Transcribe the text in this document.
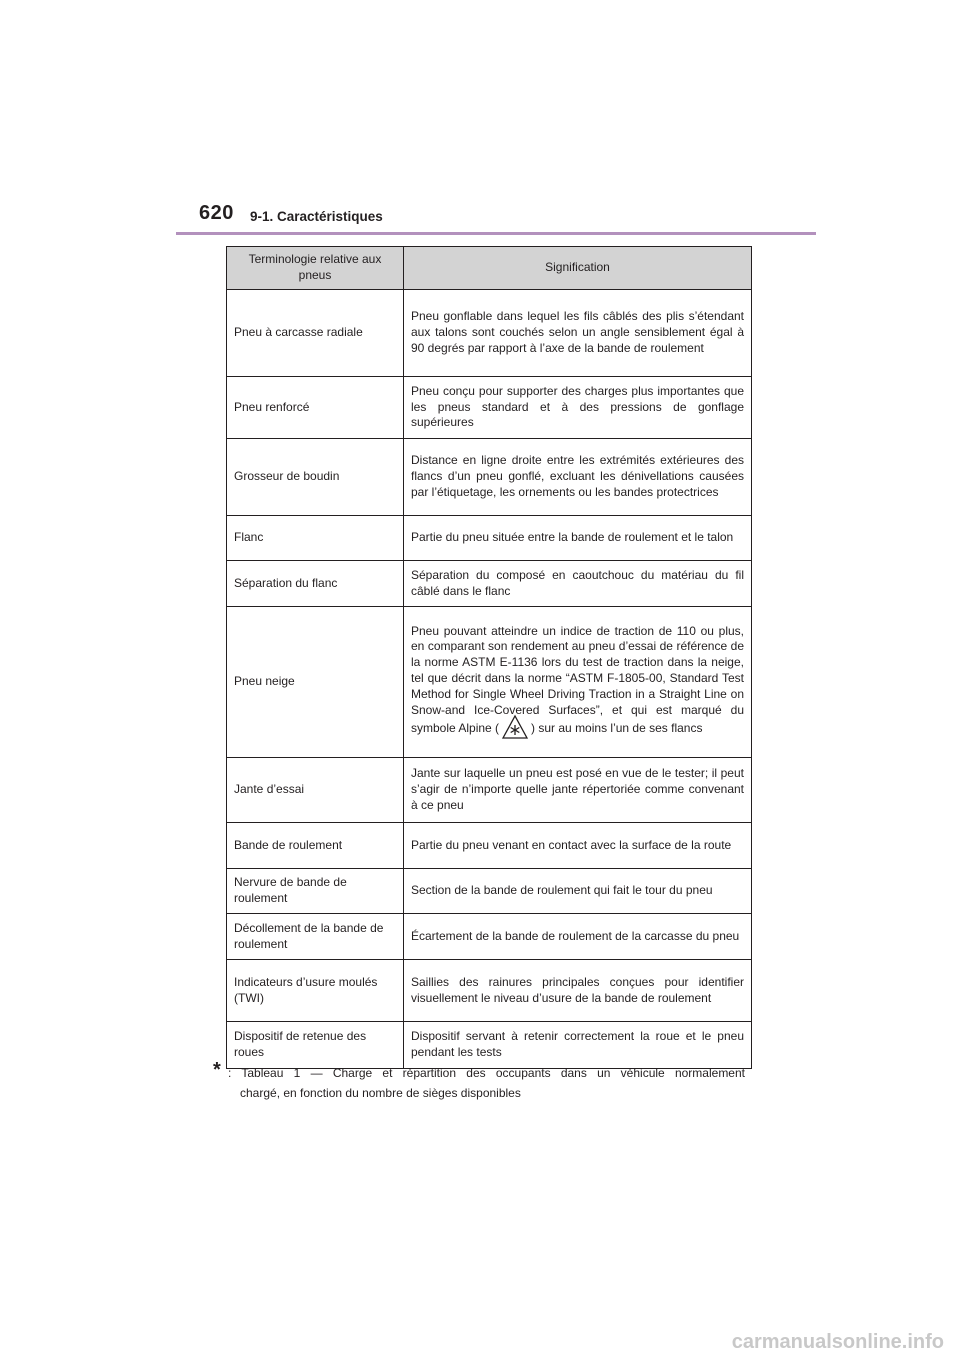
620 9-1. Caractéristiques
Terminologie relative aux pneus	Signification
Pneu à carcasse radiale	Pneu gonflable dans lequel les fils câblés des plis s’étendant aux talons sont couchés selon un angle sensiblement égal à 90 degrés par rapport à l’axe de la bande de roulement
Pneu renforcé	Pneu conçu pour supporter des charges plus importantes que les pneus standard et à des pressions de gonflage supérieures
Grosseur de boudin	Distance en ligne droite entre les extrémités extérieures des flancs d’un pneu gonflé, excluant les dénivellations causées par l’étiquetage, les ornements ou les bandes protectrices
Flanc	Partie du pneu située entre la bande de roulement et le talon
Séparation du flanc	Séparation du composé en caoutchouc du matériau du fil câblé dans le flanc
Pneu neige	Pneu pouvant atteindre un indice de traction de 110 ou plus, en comparant son rendement au pneu d’essai de référence de la norme ASTM E-1136 lors du test de traction dans la neige, tel que décrit dans la norme “ASTM F-1805-00, Standard Test Method for Single Wheel Driving Traction in a Straight Line on Snow-and Ice-Covered Surfaces”, et qui est marqué du symbole Alpine ( ) sur au moins l’un de ses flancs
Jante d’essai	Jante sur laquelle un pneu est posé en vue de le tester; il peut s’agir de n’importe quelle jante répertoriée comme convenant à ce pneu
Bande de roulement	Partie du pneu venant en contact avec la surface de la route
Nervure de bande de roulement	Section de la bande de roulement qui fait le tour du pneu
Décollement de la bande de roulement	Écartement de la bande de roulement de la carcasse du pneu
Indicateurs d’usure moulés (TWI)	Saillies des rainures principales conçues pour identifier visuellement le niveau d’usure de la bande de roulement
Dispositif de retenue des roues	Dispositif servant à retenir correctement la roue et le pneu pendant les tests
* : Tableau 1 — Charge et répartition des occupants dans un véhicule normalement
chargé, en fonction du nombre de sièges disponibles
carmanualsonline.info
